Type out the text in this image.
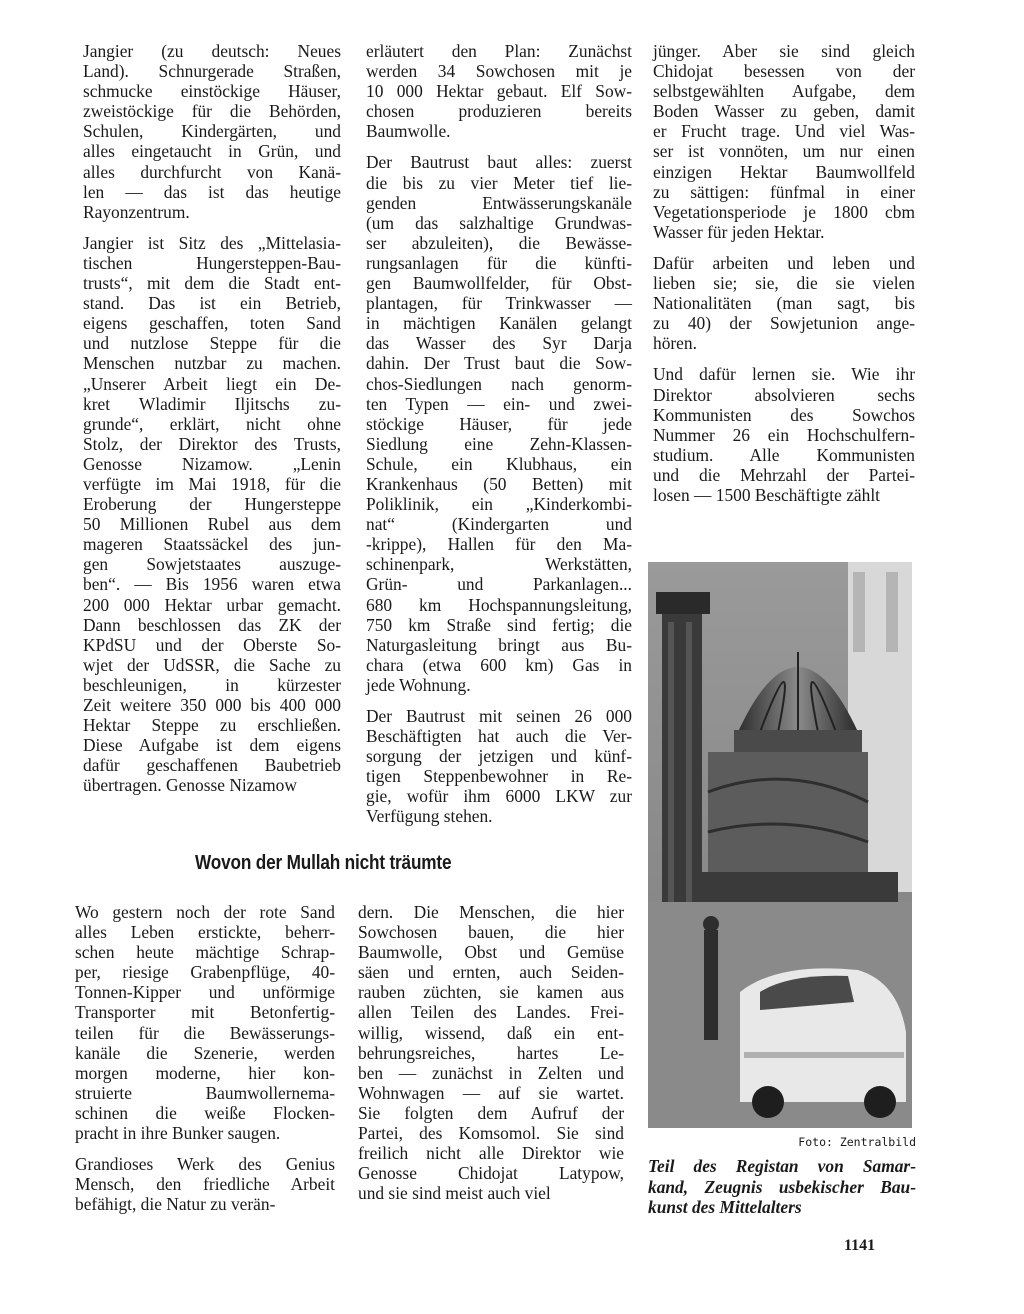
Jangier (zu deutsch: Neues
Land). Schnurgerade Straßen,
schmucke einstöckige Häuser,
zweistöckige für die Behörden,
Schulen, Kindergärten, und
alles eingetaucht in Grün, und
alles durchfurcht von Kanä-
len — das ist das heutige
Rayonzentrum.

Jangier ist Sitz des „Mittelasia-
tischen Hungersteppen-Bau-
trusts“, mit dem die Stadt ent-
stand. Das ist ein Betrieb,
eigens geschaffen, toten Sand
und nutzlose Steppe für die
Menschen nutzbar zu machen.
„Unserer Arbeit liegt ein De-
kret Wladimir Iljitschs zu-
grunde“, erklärt, nicht ohne
Stolz, der Direktor des Trusts,
Genosse Nizamow. „Lenin
verfügte im Mai 1918, für die
Eroberung der Hungersteppe
50 Millionen Rubel aus dem
mageren Staatssäckel des jun-
gen Sowjetstaates auszuge-
ben“. — Bis 1956 waren etwa
200 000 Hektar urbar gemacht.
Dann beschlossen das ZK der
KPdSU und der Oberste So-
wjet der UdSSR, die Sache zu
beschleunigen, in kürzester
Zeit weitere 350 000 bis 400 000
Hektar Steppe zu erschließen.
Diese Aufgabe ist dem eigens
dafür geschaffenen Baubetrieb
übertragen. Genosse Nizamow

erläutert den Plan: Zunächst
werden 34 Sowchosen mit je
10 000 Hektar gebaut. Elf Sow-
chosen produzieren bereits
Baumwolle.

Der Bautrust baut alles: zuerst
die bis zu vier Meter tief lie-
genden Entwässerungskanäle
(um das salzhaltige Grundwas-
ser abzuleiten), die Bewässe-
rungsanlagen für die künfti-
gen Baumwollfelder, für Obst-
plantagen, für Trinkwasser —
in mächtigen Kanälen gelangt
das Wasser des Syr Darja
dahin. Der Trust baut die Sow-
chos-Siedlungen nach genorm-
ten Typen — ein- und zwei-
stöckige Häuser, für jede
Siedlung eine Zehn-Klassen-
Schule, ein Klubhaus, ein
Krankenhaus (50 Betten) mit
Poliklinik, ein „Kinderkombi-
nat“ (Kindergarten und
-krippe), Hallen für den Ma-
schinenpark, Werkstätten,
Grün- und Parkanlagen...
680 km Hochspannungsleitung,
750 km Straße sind fertig; die
Naturgasleitung bringt aus Bu-
chara (etwa 600 km) Gas in
jede Wohnung.

Der Bautrust mit seinen 26 000
Beschäftigten hat auch die Ver-
sorgung der jetzigen und künf-
tigen Steppenbewohner in Re-
gie, wofür ihm 6000 LKW zur
Verfügung stehen.

jünger. Aber sie sind gleich
Chidojat besessen von der
selbstgewählten Aufgabe, dem
Boden Wasser zu geben, damit
er Frucht trage. Und viel Was-
ser ist vonnöten, um nur einen
einzigen Hektar Baumwollfeld
zu sättigen: fünfmal in einer
Vegetationsperiode je 1800 cbm
Wasser für jeden Hektar.

Dafür arbeiten und leben und
lieben sie; sie, die sie vielen
Nationalitäten (man sagt, bis
zu 40) der Sowjetunion ange-
hören.

Und dafür lernen sie. Wie ihr
Direktor absolvieren sechs
Kommunisten des Sowchos
Nummer 26 ein Hochschulfern-
studium. Alle Kommunisten
und die Mehrzahl der Partei-
losen — 1500 Beschäftigte zählt

Wovon der Mullah nicht träumte

Wo gestern noch der rote Sand
alles Leben erstickte, beherr-
schen heute mächtige Schrap-
per, riesige Grabenpflüge, 40-
Tonnen-Kipper und unförmige
Transporter mit Betonfertig-
teilen für die Bewässerungs-
kanäle die Szenerie, werden
morgen moderne, hier kon-
struierte Baumwollernema-
schinen die weiße Flocken-
pracht in ihre Bunker saugen.

Grandioses Werk des Genius
Mensch, den friedliche Arbeit
befähigt, die Natur zu verän-

dern. Die Menschen, die hier
Sowchosen bauen, die hier
Baumwolle, Obst und Gemüse
säen und ernten, auch Seiden-
rauben züchten, sie kamen aus
allen Teilen des Landes. Frei-
willig, wissend, daß ein ent-
behrungsreiches, hartes Le-
ben — zunächst in Zelten und
Wohnwagen — auf sie wartet.
Sie folgten dem Aufruf der
Partei, des Komsomol. Sie sind
freilich nicht alle Direktor wie
Genosse Chidojat Latypow,
und sie sind meist auch viel

Foto: Zentralbild
Teil des Registan von Samar-
kand, Zeugnis usbekischer Bau-
kunst des Mittelalters
1141
